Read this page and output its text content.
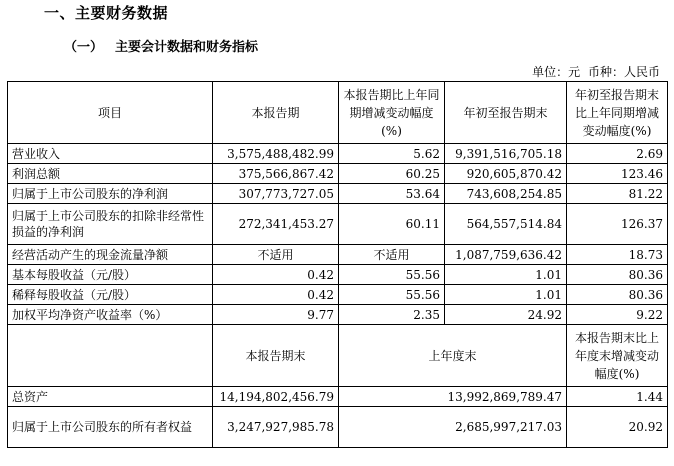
一、主要财务数据
（一） 主要会计数据和财务指标
单位：元 币种：人民币
项目	本报告期	本报告期比上年同期增减变动幅度(%)	年初至报告期末	年初至报告期末比上年同期增减变动幅度(%)
营业收入	3,575,488,482.99	5.62	9,391,516,705.18	2.69
利润总额	375,566,867.42	60.25	920,605,870.42	123.46
归属于上市公司股东的净利润	307,773,727.05	53.64	743,608,254.85	81.22
归属于上市公司股东的扣除非经常性损益的净利润	272,341,453.27	60.11	564,557,514.84	126.37
经营活动产生的现金流量净额	不适用	不适用	1,087,759,636.42	18.73
基本每股收益（元/股）	0.42	55.56	1.01	80.36
稀释每股收益（元/股）	0.42	55.56	1.01	80.36
加权平均净资产收益率（%）	9.77	2.35	24.92	9.22
	本报告期末	上年度末		本报告期末比上年度末增减变动幅度(%)
总资产	14,194,802,456.79	13,992,869,789.47		1.44
归属于上市公司股东的所有者权益	3,247,927,985.78	2,685,997,217.03		20.92
